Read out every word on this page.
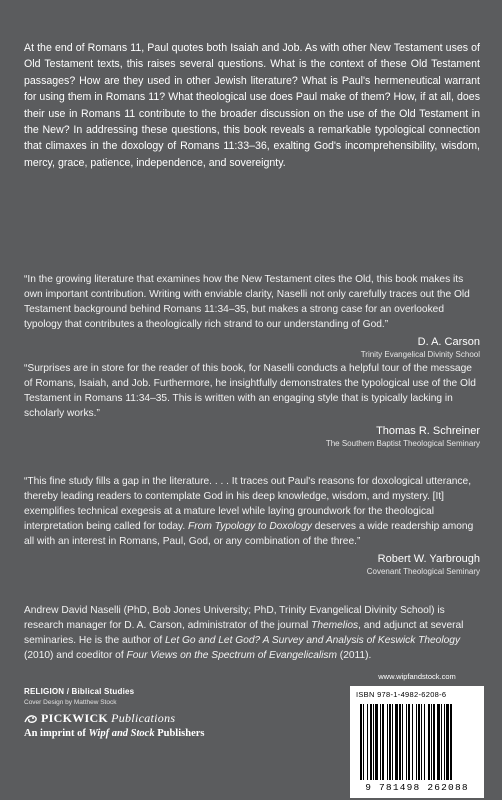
At the end of Romans 11, Paul quotes both Isaiah and Job. As with other New Testament uses of Old Testament texts, this raises several questions. What is the context of these Old Testament passages? How are they used in other Jewish literature? What is Paul's hermeneutical warrant for using them in Romans 11? What theological use does Paul make of them? How, if at all, does their use in Romans 11 contribute to the broader discussion on the use of the Old Testament in the New? In addressing these questions, this book reveals a remarkable typological connection that climaxes in the doxology of Romans 11:33–36, exalting God's incomprehensibility, wisdom, mercy, grace, patience, independence, and sovereignty.

“In the growing literature that examines how the New Testament cites the Old, this book makes its own important contribution. Writing with enviable clarity, Naselli not only carefully traces out the Old Testament background behind Romans 11:34–35, but makes a strong case for an overlooked typology that contributes a theologically rich strand to our understanding of God.”
D. A. Carson
Trinity Evangelical Divinity School
“Surprises are in store for the reader of this book, for Naselli conducts a helpful tour of the message of Romans, Isaiah, and Job. Furthermore, he insightfully demonstrates the typological use of the Old Testament in Romans 11:34–35. This is written with an engaging style that is typically lacking in scholarly works.”
Thomas R. Schreiner
The Southern Baptist Theological Seminary
“This fine study fills a gap in the literature. . . . It traces out Paul's reasons for doxological utterance, thereby leading readers to contemplate God in his deep knowledge, wisdom, and mystery. [It] exemplifies technical exegesis at a mature level while laying groundwork for the theological interpretation being called for today. From Typology to Doxology deserves a wide readership among all with an interest in Romans, Paul, God, or any combination of the three.”
Robert W. Yarbrough
Covenant Theological Seminary

Andrew David Naselli (PhD, Bob Jones University; PhD, Trinity Evangelical Divinity School) is research manager for D. A. Carson, administrator of the journal Themelios, and adjunct at several seminaries. He is the author of Let Go and Let God? A Survey and Analysis of Keswick Theology (2010) and coeditor of Four Views on the Spectrum of Evangelicalism (2011).

RELIGION / Biblical Studies
Cover Design by Matthew Stock
PICKWICK Publications
An imprint of Wipf and Stock Publishers
www.wipfandstock.com
ISBN 978-1-4982-6208-6
9 781498 262088
